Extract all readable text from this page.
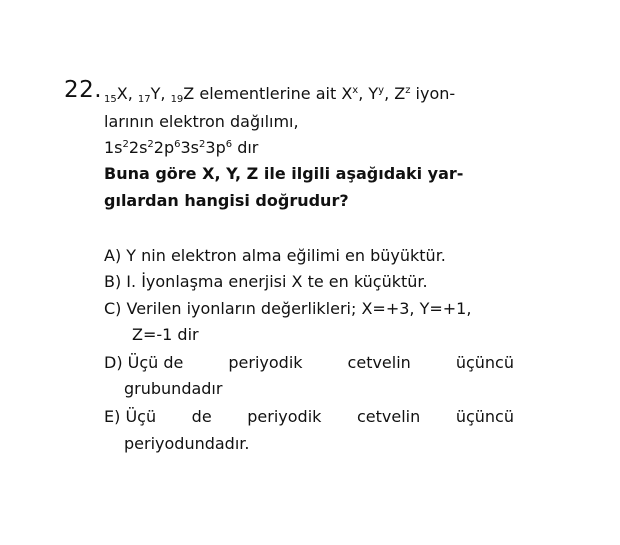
22. $_{15}$X, $_{17}$Y, $_{19}$Z elementlerine ait $X^x$, $Y^y$, $Z^z$ iyon-
larının elektron dağılımı,
$1s^22s^22p^63s^23p^6$ dır
Buna göre X, Y, Z ile ilgili aşağıdaki yar-
gılardan hangisi doğrudur?
A) Y nin elektron alma eğilimi en büyüktür.
B) I. İyonlaşma enerjisi X te en küçüktür.
C) Verilen iyonların değerlikleri; X=+3, Y=+1,
Z=-1 dir
D) Üçü de	periyodik	cetvelin	üçüncü
grubundadır
E) Üçü de periyodik cetvelin üçüncü
periyodundadır.
